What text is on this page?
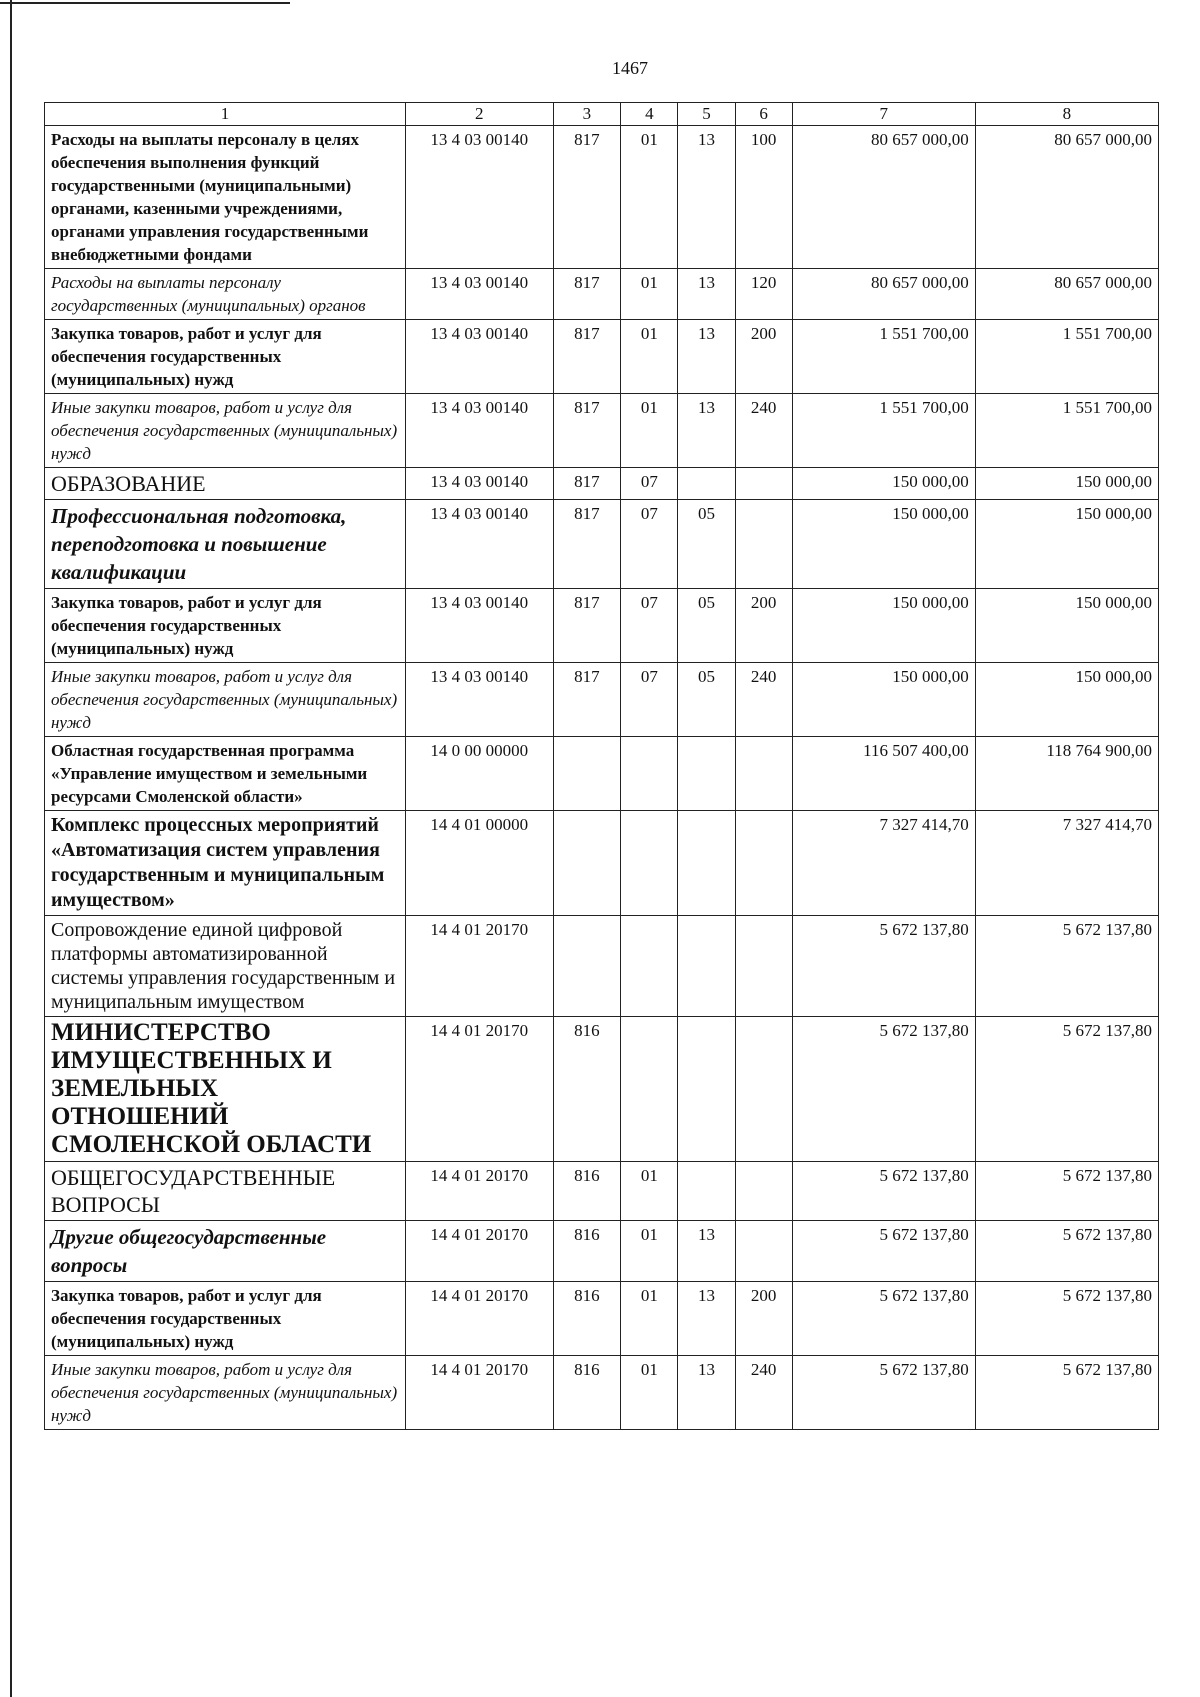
1467
1	2	3	4	5	6	7	8
Расходы на выплаты персоналу в целях обеспечения выполнения функций государственными (муниципальными) органами, казенными учреждениями, органами управления государственными внебюджетными фондами	13 4 03 00140	817	01	13	100	80 657 000,00	80 657 000,00
Расходы на выплаты персоналу государственных (муниципальных) органов	13 4 03 00140	817	01	13	120	80 657 000,00	80 657 000,00
Закупка товаров, работ и услуг для обеспечения государственных (муниципальных) нужд	13 4 03 00140	817	01	13	200	1 551 700,00	1 551 700,00
Иные закупки товаров, работ и услуг для обеспечения государственных (муниципальных) нужд	13 4 03 00140	817	01	13	240	1 551 700,00	1 551 700,00
ОБРАЗОВАНИЕ	13 4 03 00140	817	07			150 000,00	150 000,00
Профессиональная подготовка, переподготовка и повышение квалификации	13 4 03 00140	817	07	05		150 000,00	150 000,00
Закупка товаров, работ и услуг для обеспечения государственных (муниципальных) нужд	13 4 03 00140	817	07	05	200	150 000,00	150 000,00
Иные закупки товаров, работ и услуг для обеспечения государственных (муниципальных) нужд	13 4 03 00140	817	07	05	240	150 000,00	150 000,00
Областная государственная программа «Управление имуществом и земельными ресурсами Смоленской области»	14 0 00 00000					116 507 400,00	118 764 900,00
Комплекс процессных мероприятий «Автоматизация систем управления государственным и муниципальным имуществом»	14 4 01 00000					7 327 414,70	7 327 414,70
Сопровождение единой цифровой платформы автоматизированной системы управления государственным и муниципальным имуществом	14 4 01 20170					5 672 137,80	5 672 137,80
МИНИСТЕРСТВО ИМУЩЕСТВЕННЫХ И ЗЕМЕЛЬНЫХ ОТНОШЕНИЙ СМОЛЕНСКОЙ ОБЛАСТИ	14 4 01 20170	816				5 672 137,80	5 672 137,80
ОБЩЕГОСУДАРСТВЕННЫЕ ВОПРОСЫ	14 4 01 20170	816	01			5 672 137,80	5 672 137,80
Другие общегосударственные вопросы	14 4 01 20170	816	01	13		5 672 137,80	5 672 137,80
Закупка товаров, работ и услуг для обеспечения государственных (муниципальных) нужд	14 4 01 20170	816	01	13	200	5 672 137,80	5 672 137,80
Иные закупки товаров, работ и услуг для обеспечения государственных (муниципальных) нужд	14 4 01 20170	816	01	13	240	5 672 137,80	5 672 137,80
